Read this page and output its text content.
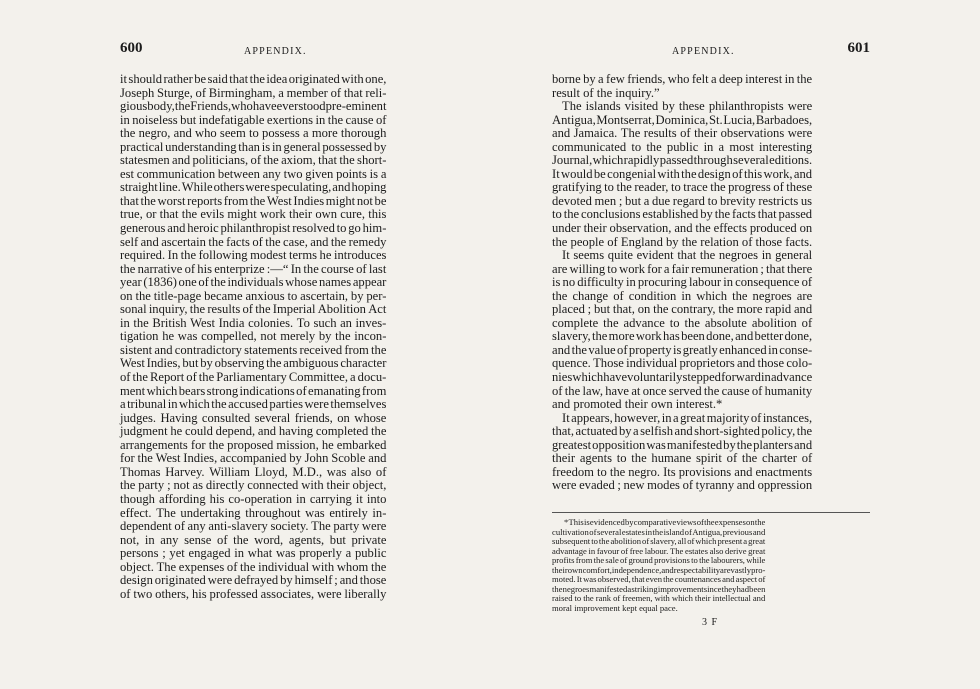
600	APPENDIX.
it should rather be said that the idea originated with one,
Joseph Sturge, of Birmingham, a member of that reli-
gious body, the Friends, who have ever stood pre-eminent
in noiseless but indefatigable exertions in the cause of
the negro, and who seem to possess a more thorough
practical understanding than is in general possessed by
statesmen and politicians, of the axiom, that the short-
est communication between any two given points is a
straight line. While others were speculating, and hoping
that the worst reports from the West Indies might not be
true, or that the evils might work their own cure, this
generous and heroic philanthropist resolved to go him-
self and ascertain the facts of the case, and the remedy
required. In the following modest terms he introduces
the narrative of his enterprize :—“ In the course of last
year (1836) one of the individuals whose names appear
on the title-page became anxious to ascertain, by per-
sonal inquiry, the results of the Imperial Abolition Act
in the British West India colonies. To such an inves-
tigation he was compelled, not merely by the incon-
sistent and contradictory statements received from the
West Indies, but by observing the ambiguous character
of the Report of the Parliamentary Committee, a docu-
ment which bears strong indications of emanating from
a tribunal in which the accused parties were themselves
judges. Having consulted several friends, on whose
judgment he could depend, and having completed the
arrangements for the proposed mission, he embarked
for the West Indies, accompanied by John Scoble and
Thomas Harvey. William Lloyd, M.D., was also of
the party ; not as directly connected with their object,
though affording his co-operation in carrying it into
effect. The undertaking throughout was entirely in-
dependent of any anti-slavery society. The party were
not, in any sense of the word, agents, but private
persons ; yet engaged in what was properly a public
object. The expenses of the individual with whom the
design originated were defrayed by himself ; and those
of two others, his professed associates, were liberally
APPENDIX.	601
borne by a few friends, who felt a deep interest in the
result of the inquiry.”
The islands visited by these philanthropists were
Antigua, Montserrat, Dominica, St. Lucia, Barbadoes,
and Jamaica. The results of their observations were
communicated to the public in a most interesting
Journal, which rapidly passed through several editions.
It would be congenial with the design of this work, and
gratifying to the reader, to trace the progress of these
devoted men ; but a due regard to brevity restricts us
to the conclusions established by the facts that passed
under their observation, and the effects produced on
the people of England by the relation of those facts.
It seems quite evident that the negroes in general
are willing to work for a fair remuneration ; that there
is no difficulty in procuring labour in consequence of
the change of condition in which the negroes are
placed ; but that, on the contrary, the more rapid and
complete the advance to the absolute abolition of
slavery, the more work has been done, and better done,
and the value of property is greatly enhanced in conse-
quence. Those individual proprietors and those colo-
nies which have voluntarily stepped forward in advance
of the law, have at once served the cause of humanity
and promoted their own interest.*
It appears, however, in a great majority of instances,
that, actuated by a selfish and short-sighted policy, the
greatest opposition was manifested by the planters and
their agents to the humane spirit of the charter of
freedom to the negro. Its provisions and enactments
were evaded ; new modes of tyranny and oppression
* This is evidenced by comparative views of the expenses on the
cultivation of several estates in the island of Antigua, previous and
subsequent to the abolition of slavery, all of which present a great
advantage in favour of free labour. The estates also derive great
profits from the sale of ground provisions to the labourers, while
their own comfort, independence, and respectability are vastly pro-
moted. It was observed, that even the countenances and aspect of
the negroes manifested a striking improvement since they had been
raised to the rank of freemen, with which their intellectual and
moral improvement kept equal pace.
3 F
